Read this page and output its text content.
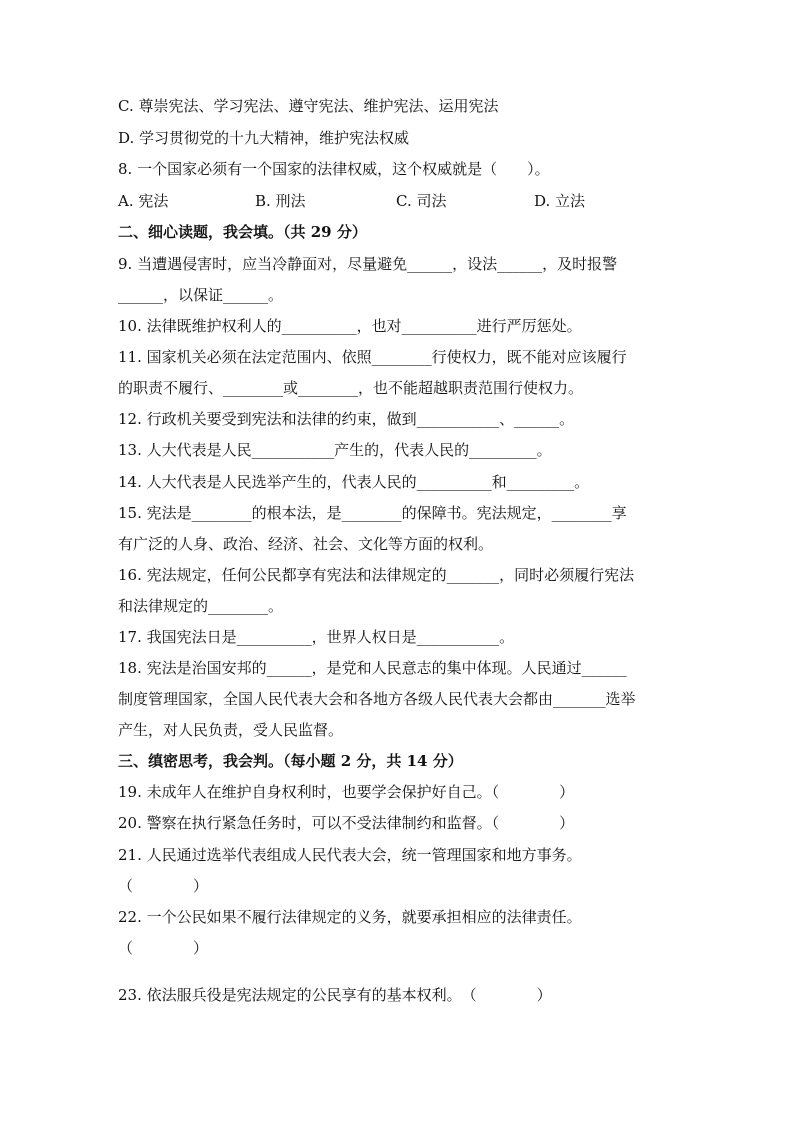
C. 尊崇宪法、学习宪法、遵守宪法、维护宪法、运用宪法
D. 学习贯彻党的十九大精神，维护宪法权威
8. 一个国家必须有一个国家的法律权威，这个权威就是（　　）。
A. 宪法	B. 刑法	C. 司法	D. 立法
二、细心读题，我会填。（共 29 分）
9. 当遭遇侵害时，应当冷静面对，尽量避免______，设法______，及时报警
______，以保证______。
10. 法律既维护权利人的__________，也对__________进行严厉惩处。
11. 国家机关必须在法定范围内、依照________行使权力，既不能对应该履行
的职责不履行、________或________，也不能超越职责范围行使权力。
12. 行政机关要受到宪法和法律的约束，做到___________、______。
13. 人大代表是人民___________产生的，代表人民的_________。
14. 人大代表是人民选举产生的，代表人民的__________和_________。
15. 宪法是________的根本法，是________的保障书。宪法规定，________享
有广泛的人身、政治、经济、社会、文化等方面的权利。
16. 宪法规定，任何公民都享有宪法和法律规定的_______，同时必须履行宪法
和法律规定的________。
17. 我国宪法日是__________，世界人权日是___________。
18. 宪法是治国安邦的______，是党和人民意志的集中体现。人民通过______
制度管理国家，全国人民代表大会和各地方各级人民代表大会都由_______选举
产生，对人民负责，受人民监督。
三、缜密思考，我会判。（每小题 2 分，共 14 分）
19. 未成年人在维护自身权利时，也要学会保护好自己。（　　　　）
20. 警察在执行紧急任务时，可以不受法律制约和监督。（　　　　）
21. 人民通过选举代表组成人民代表大会，统一管理国家和地方事务。
（　　　　）
22. 一个公民如果不履行法律规定的义务，就要承担相应的法律责任。
（　　　　）
23. 依法服兵役是宪法规定的公民享有的基本权利。　（　　　　）
